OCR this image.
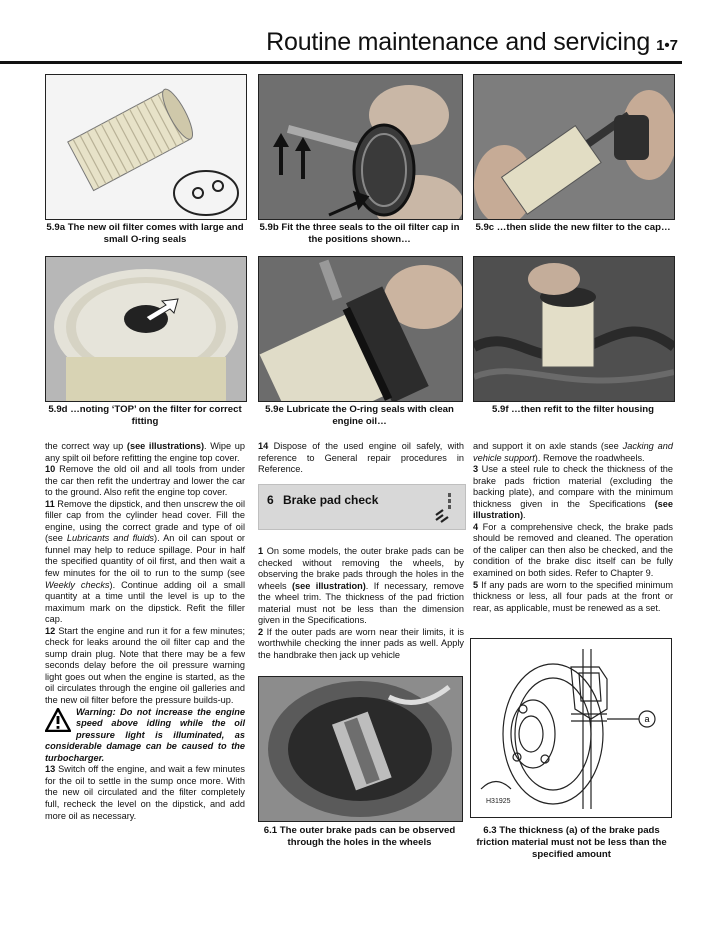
Routine maintenance and servicing 1•7
5.9a The new oil filter comes with large and small O-ring seals
5.9b Fit the three seals to the oil filter cap in the positions shown…
5.9c …then slide the new filter to the cap…
5.9d …noting ‘TOP’ on the filter for correct fitting
5.9e Lubricate the O-ring seals with clean engine oil…
5.9f …then refit to the filter housing

the correct way up (see illustrations). Wipe up any spilt oil before refitting the engine top cover.

10 Remove the old oil and all tools from under the car then refit the undertray and lower the car to the ground. Also refit the engine top cover.

11 Remove the dipstick, and then unscrew the oil filler cap from the cylinder head cover. Fill the engine, using the correct grade and type of oil (see Lubricants and fluids). An oil can spout or funnel may help to reduce spillage. Pour in half the specified quantity of oil first, and then wait a few minutes for the oil to run to the sump (see Weekly checks). Continue adding oil a small quantity at a time until the level is up to the maximum mark on the dipstick. Refit the filler cap.

12 Start the engine and run it for a few minutes; check for leaks around the oil filter cap and the sump drain plug. Note that there may be a few seconds delay before the oil pressure warning light goes out when the engine is started, as the oil circulates through the engine oil galleries and the new oil filter before the pressure builds-up.

Warning: Do not increase the engine speed above idling while the oil pressure light is illuminated, as considerable damage can be caused to the turbocharger.

13 Switch off the engine, and wait a few minutes for the oil to settle in the sump once more. With the new oil circulated and the filter completely full, recheck the level on the dipstick, and add more oil as necessary.

14 Dispose of the used engine oil safely, with reference to General repair procedures in Reference.

6 Brake pad check

1 On some models, the outer brake pads can be checked without removing the wheels, by observing the brake pads through the holes in the wheels (see illustration). If necessary, remove the wheel trim. The thickness of the pad friction material must not be less than the dimension given in the Specifications.

2 If the outer pads are worn near their limits, it is worthwhile checking the inner pads as well. Apply the handbrake then jack up vehicle

6.1 The outer brake pads can be observed through the holes in the wheels

and support it on axle stands (see Jacking and vehicle support). Remove the roadwheels.

3 Use a steel rule to check the thickness of the brake pads friction material (excluding the backing plate), and compare with the minimum thickness given in the Specifications (see illustration).

4 For a comprehensive check, the brake pads should be removed and cleaned. The operation of the caliper can then also be checked, and the condition of the brake disc itself can be fully examined on both sides. Refer to Chapter 9.

5 If any pads are worn to the specified minimum thickness or less, all four pads at the front or rear, as applicable, must be renewed as a set.

a
H31925
6.3 The thickness (a) of the brake pads friction material must not be less than the specified amount
